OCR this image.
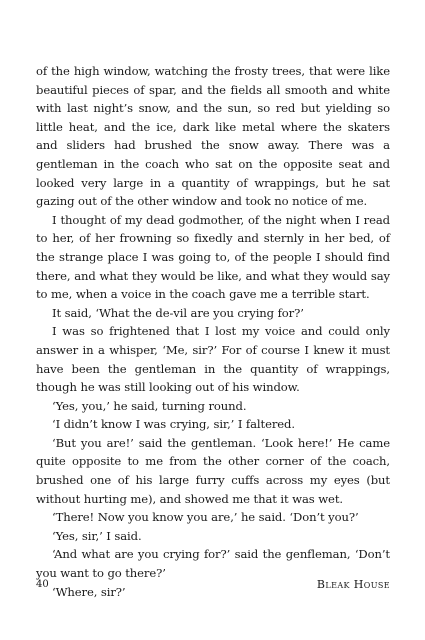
of the high window, watching the frosty trees, that were like beautiful pieces of spar, and the fields all smooth and white with last night’s snow, and the sun, so red but yielding so little heat, and the ice, dark like metal where the skaters and sliders had brushed the snow away. There was a gentleman in the coach who sat on the opposite seat and looked very large in a quantity of wrappings, but he sat gazing out of the other window and took no notice of me.

I thought of my dead godmother, of the night when I read to her, of her frowning so fixedly and sternly in her bed, of the strange place I was going to, of the people I should find there, and what they would be like, and what they would say to me, when a voice in the coach gave me a terrible start.

It said, ‘What the de-vil are you crying for?’

I was so frightened that I lost my voice and could only answer in a whisper, ‘Me, sir?’ For of course I knew it must have been the gentleman in the quantity of wrappings, though he was still looking out of his window.

‘Yes, you,’ he said, turning round.

‘I didn’t know I was crying, sir,’ I faltered.

‘But you are!’ said the gentleman. ‘Look here!’ He came quite opposite to me from the other corner of the coach, brushed one of his large furry cuffs across my eyes (but without hurting me), and showed me that it was wet.

‘There! Now you know you are,’ he said. ‘Don’t you?’

‘Yes, sir,’ I said.

‘And what are you crying for?’ said the genfleman, ‘Don’t you want to go there?’

‘Where, sir?’

40	Bleak House
